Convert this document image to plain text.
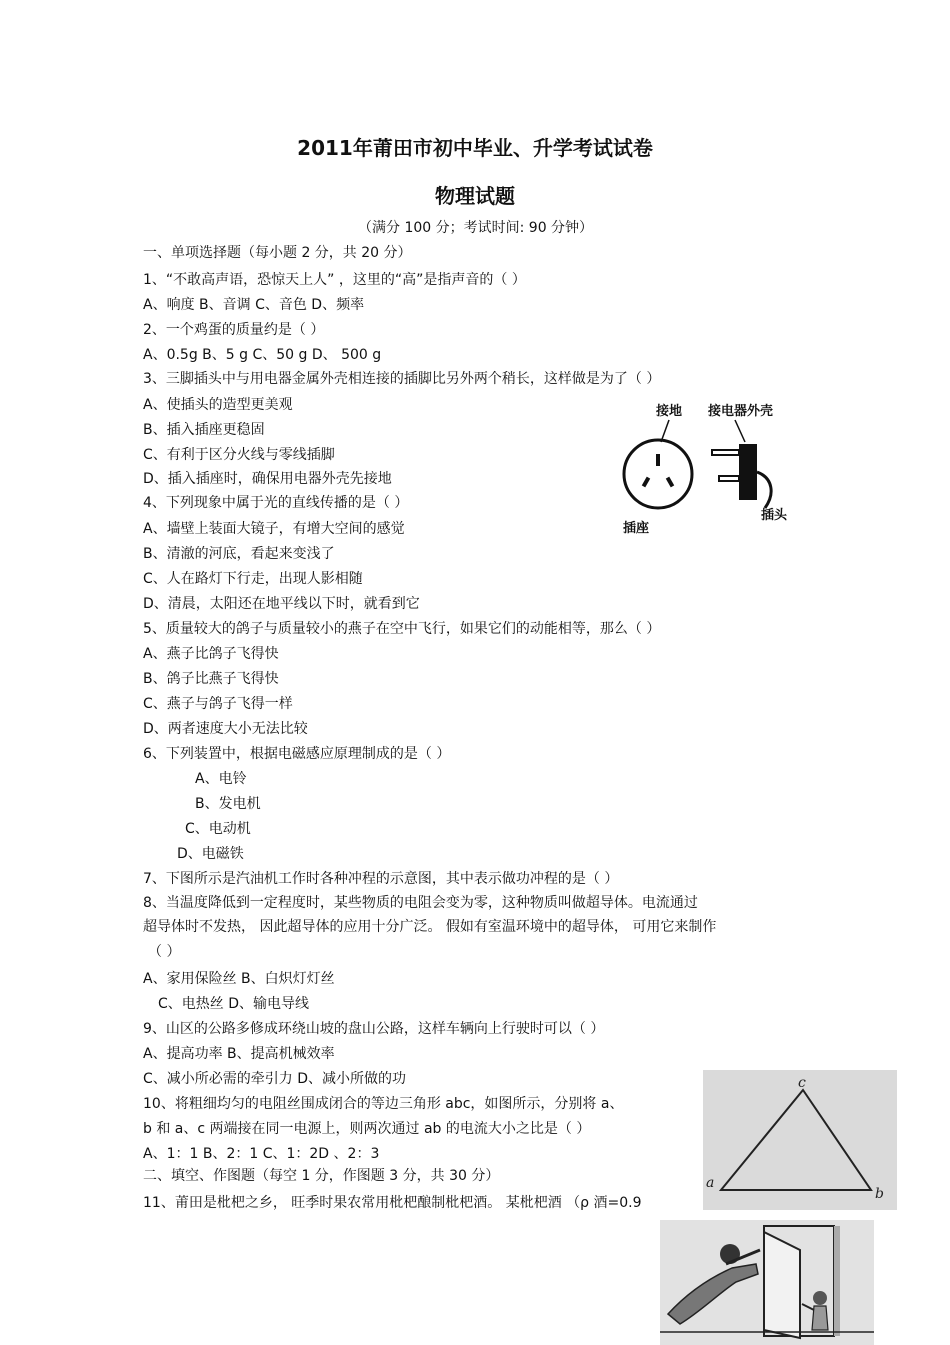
2011年莆田市初中毕业、升学考试试卷
物理试题
（满分 100 分；考试时间: 90 分钟）
一、单项选择题（每小题 2 分，共 20 分）
1、“不敢高声语，恐惊天上人” ，这里的“高”是指声音的（ ）
A、响度 B、音调 C、音色 D、频率
2、一个鸡蛋的质量约是（ ）
A、0.5g B、5 g C、50 g D、 500 g
3、三脚插头中与用电器金属外壳相连接的插脚比另外两个稍长，这样做是为了（ ）
A、使插头的造型更美观
B、插入插座更稳固
C、有利于区分火线与零线插脚
D、插入插座时，确保用电器外壳先接地
4、下列现象中属于光的直线传播的是（ ）
A、墙壁上装面大镜子，有增大空间的感觉
B、清澈的河底，看起来变浅了
C、人在路灯下行走，出现人影相随
D、清晨，太阳还在地平线以下时，就看到它
5、质量较大的鸽子与质量较小的燕子在空中飞行，如果它们的动能相等，那么（ ）
A、燕子比鸽子飞得快
B、鸽子比燕子飞得快
C、燕子与鸽子飞得一样
D、两者速度大小无法比较
6、下列装置中，根据电磁感应原理制成的是（ ）
A、电铃
B、发电机
C、电动机
D、电磁铁
7、下图所示是汽油机工作时各种冲程的示意图，其中表示做功冲程的是（ ）
8、当温度降低到一定程度时，某些物质的电阻会变为零，这种物质叫做超导体。电流通过
超导体时不发热， 因此超导体的应用十分广泛。 假如有室温环境中的超导体， 可用它来制作
（ ）
A、家用保险丝 B、白炽灯灯丝
C、电热丝 D、输电导线
9、山区的公路多修成环绕山坡的盘山公路，这样车辆向上行驶时可以（ ）
A、提高功率 B、提高机械效率
C、减小所必需的牵引力 D、减小所做的功
10、将粗细均匀的电阻丝围成闭合的等边三角形 abc，如图所示，分别将 a、
b 和 a、c 两端接在同一电源上，则两次通过 ab 的电流大小之比是（ ）
A、1：1 B、2：1 C、1：2D 、2：3
二、填空、作图题（每空 1 分，作图题 3 分，共 30 分）
11、莆田是枇杷之乡， 旺季时果农常用枇杷酿制枇杷酒。 某枇杷酒 （ρ 酒=0.9
接地 接电器外壳
插座
插头
c
a
b
